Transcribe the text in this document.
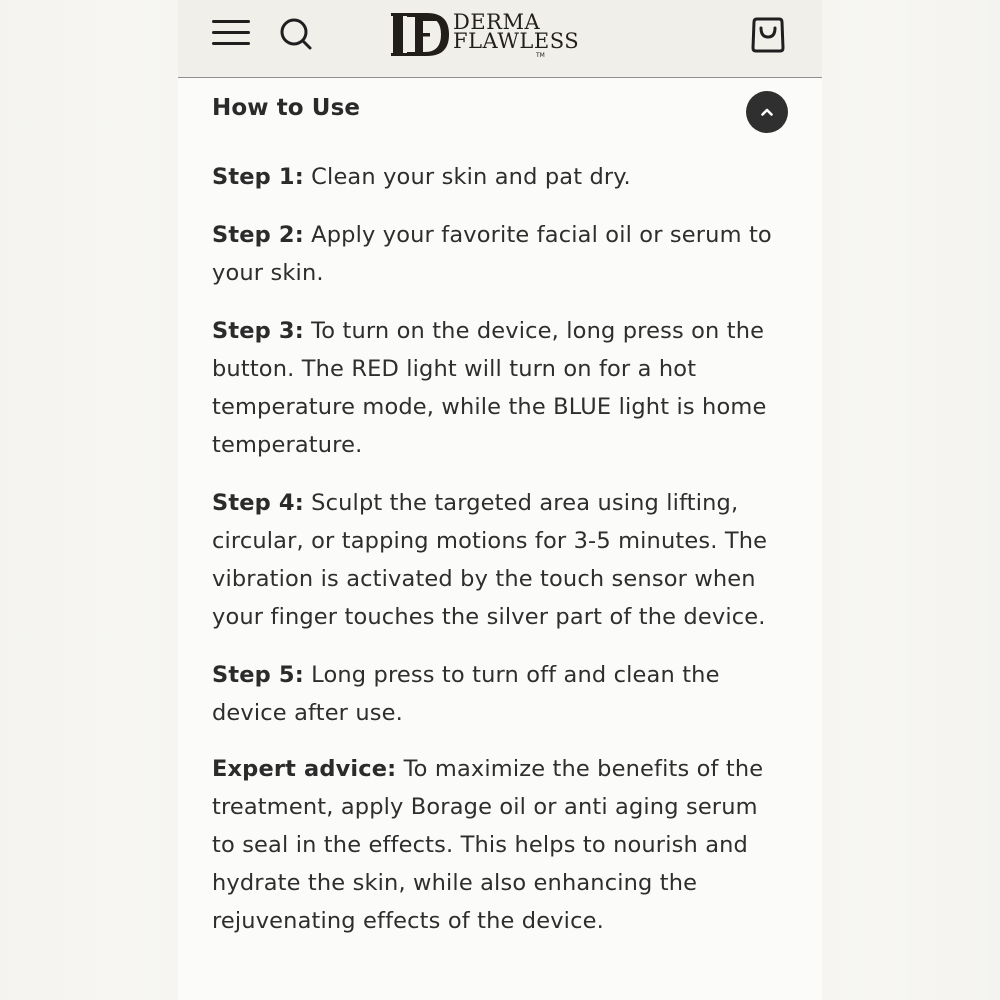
DERMA
FLAWLESS
TM
How to Use

Step 1: Clean your skin and pat dry.

Step 2: Apply your favorite facial oil or serum to your skin.

Step 3: To turn on the device, long press on the button. The RED light will turn on for a hot temperature mode, while the BLUE light is home temperature.

Step 4: Sculpt the targeted area using lifting, circular, or tapping motions for 3-5 minutes. The vibration is activated by the touch sensor when your finger touches the silver part of the device.

Step 5: Long press to turn off and clean the device after use.

Expert advice: To maximize the benefits of the treatment, apply Borage oil or anti aging serum to seal in the effects. This helps to nourish and hydrate the skin, while also enhancing the rejuvenating effects of the device.
